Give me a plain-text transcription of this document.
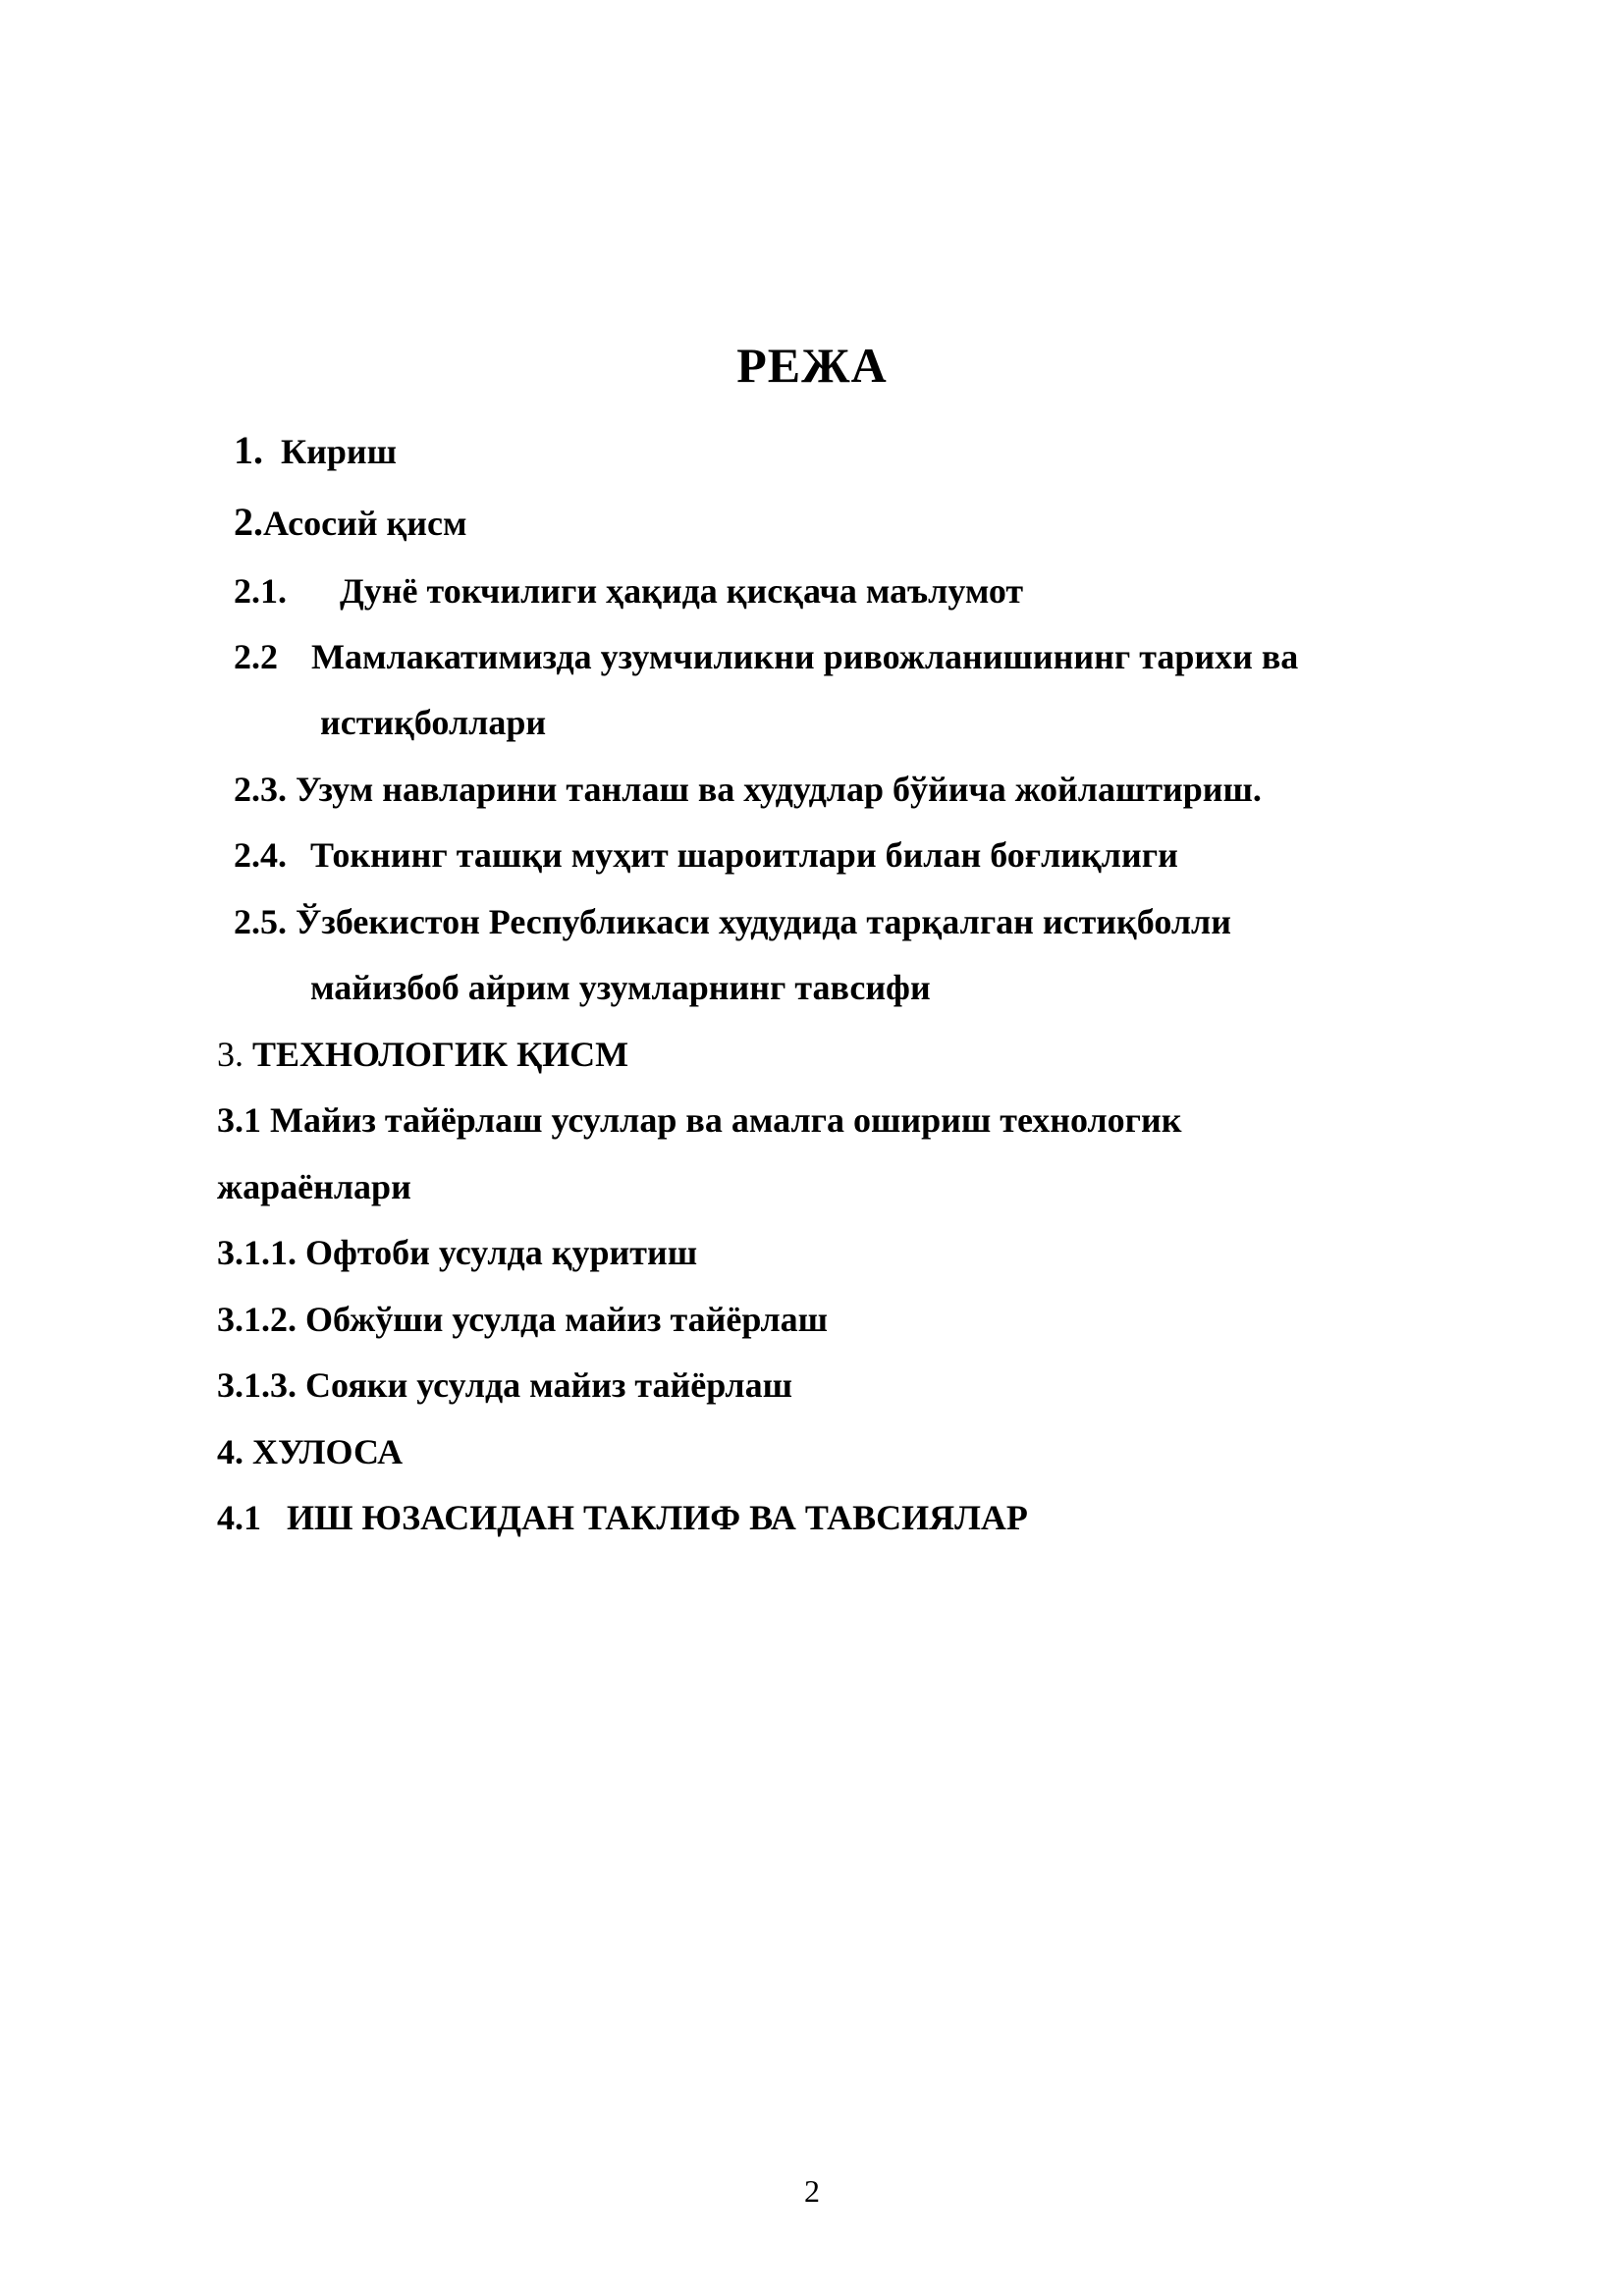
РЕЖА
1. Кириш
2.Асосий қисм
2.1. Дунё токчилиги ҳақида қисқача маълумот
2.2 Мамлакатимизда узумчиликни ривожланишининг тарихи ва
истиқболлари
2.3. Узум навларини танлаш ва худудлар бўйича жойлаштириш.
2.4. Токнинг ташқи муҳит шароитлари билан боғлиқлиги
2.5. Ўзбекистон Республикаси худудида тарқалган истиқболли
майизбоб айрим узумларнинг тавсифи
3. ТЕХНОЛОГИК ҚИСМ
3.1 Майиз тайёрлаш усуллар ва амалга ошириш технологик
жараёнлари
3.1.1. Офтоби усулда қуритиш
3.1.2. Обжўши усулда майиз тайёрлаш
3.1.3. Сояки усулда майиз тайёрлаш
4. ХУЛОСА
4.1 ИШ ЮЗАСИДАН ТАКЛИФ ВА ТАВСИЯЛАР
2
